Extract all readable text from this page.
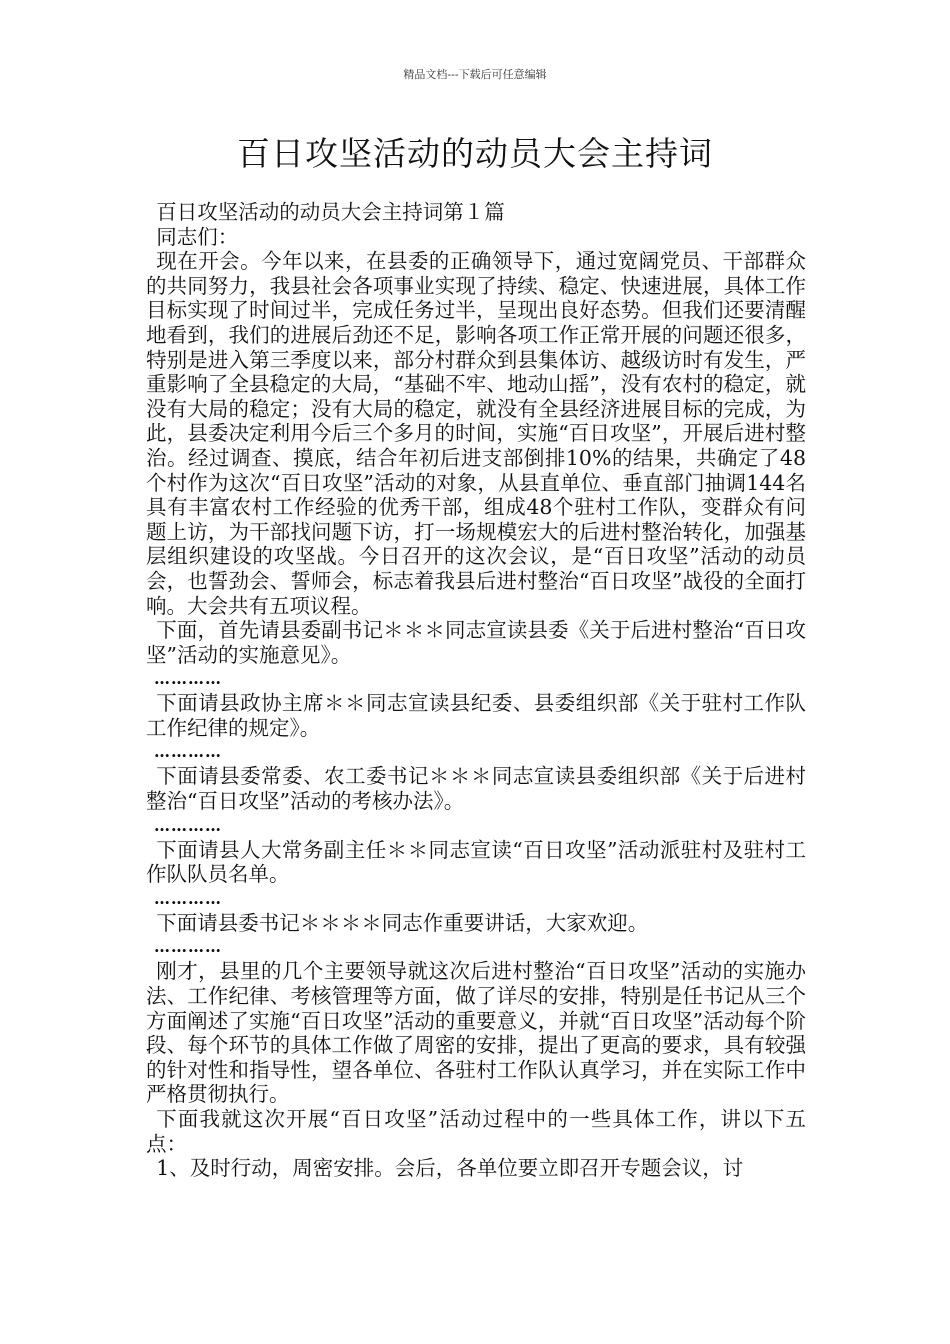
精品文档---下载后可任意编辑
百日攻坚活动的动员大会主持词

百日攻坚活动的动员大会主持词第１篇

同志们：

现在开会。今年以来，在县委的正确领导下，通过宽阔党员、干部群众的共同努力，我县社会各项事业实现了持续、稳定、快速进展，具体工作目标实现了时间过半，完成任务过半，呈现出良好态势。但我们还要清醒地看到，我们的进展后劲还不足，影响各项工作正常开展的问题还很多，特别是进入第三季度以来，部分村群众到县集体访、越级访时有发生，严重影响了全县稳定的大局，“基础不牢、地动山摇”，没有农村的稳定，就没有大局的稳定；没有大局的稳定，就没有全县经济进展目标的完成，为此，县委决定利用今后三个多月的时间，实施“百日攻坚”，开展后进村整治。经过调查、摸底，结合年初后进支部倒排10%的结果，共确定了48个村作为这次“百日攻坚”活动的对象，从县直单位、垂直部门抽调144名具有丰富农村工作经验的优秀干部，组成48个驻村工作队，变群众有问题上访，为干部找问题下访，打一场规模宏大的后进村整治转化，加强基层组织建设的攻坚战。今日召开的这次会议，是“百日攻坚”活动的动员会，也誓劲会、誓师会，标志着我县后进村整治“百日攻坚”战役的全面打响。大会共有五项议程。

下面，首先请县委副书记＊＊＊同志宣读县委《关于后进村整治“百日攻坚”活动的实施意见》。

…………

下面请县政协主席＊＊同志宣读县纪委、县委组织部《关于驻村工作队工作纪律的规定》。

…………

下面请县委常委、农工委书记＊＊＊同志宣读县委组织部《关于后进村整治“百日攻坚”活动的考核办法》。

…………

下面请县人大常务副主任＊＊同志宣读“百日攻坚”活动派驻村及驻村工作队队员名单。

…………

下面请县委书记＊＊＊＊同志作重要讲话，大家欢迎。

…………

刚才，县里的几个主要领导就这次后进村整治“百日攻坚”活动的实施办法、工作纪律、考核管理等方面，做了详尽的安排，特别是任书记从三个方面阐述了实施“百日攻坚”活动的重要意义，并就“百日攻坚”活动每个阶段、每个环节的具体工作做了周密的安排，提出了更高的要求，具有较强的针对性和指导性，望各单位、各驻村工作队认真学习，并在实际工作中严格贯彻执行。

下面我就这次开展“百日攻坚”活动过程中的一些具体工作，讲以下五点：

1、及时行动，周密安排。会后，各单位要立即召开专题会议，讨
